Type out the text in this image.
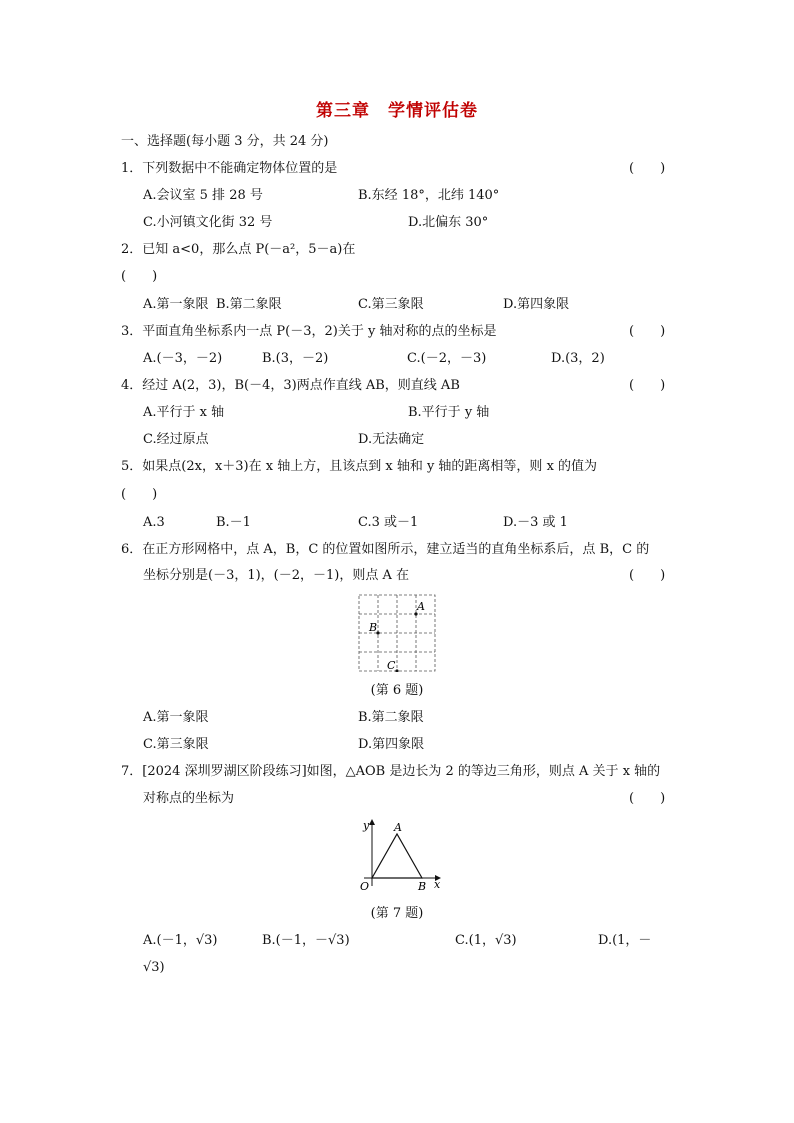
第三章　学情评估卷
一、选择题(每小题 3 分，共 24 分)
1．下列数据中不能确定物体位置的是	(　　)
A.会议室 5 排 28 号	B.东经 18°，北纬 140°
C.小河镇文化街 32 号	D.北偏东 30°
2．已知 a<0，那么点 P(－a²，5－a)在
(　　)
A.第一象限 B.第二象限	C.第三象限	D.第四象限
3．平面直角坐标系内一点 P(－3，2)关于 y 轴对称的点的坐标是	(　　)
A.(－3，－2)	B.(3，－2)	C.(－2，－3)	D.(3，2)
4．经过 A(2，3)，B(－4，3)两点作直线 AB，则直线 AB	(　　)
A.平行于 x 轴	B.平行于 y 轴
C.经过原点	D.无法确定
5．如果点(2x，x＋3)在 x 轴上方，且该点到 x 轴和 y 轴的距离相等，则 x 的值为
(　　)
A.3	B.－1	C.3 或－1	D.－3 或 1
6．在正方形网格中，点 A，B，C 的位置如图所示，建立适当的直角坐标系后，点 B，C 的
坐标分别是(－3，1)，(－2，－1)，则点 A 在	(　　)
A
B
C
(第 6 题)
A.第一象限	B.第二象限
C.第三象限	D.第四象限
7．[2024 深圳罗湖区阶段练习]如图，△AOB 是边长为 2 的等边三角形，则点 A 关于 x 轴的
对称点的坐标为	(　　)
y A
O	B x
(第 7 题)
A.(－1，√3)	B.(－1，－√3)	C.(1，√3)	D.(1，－
√3)
